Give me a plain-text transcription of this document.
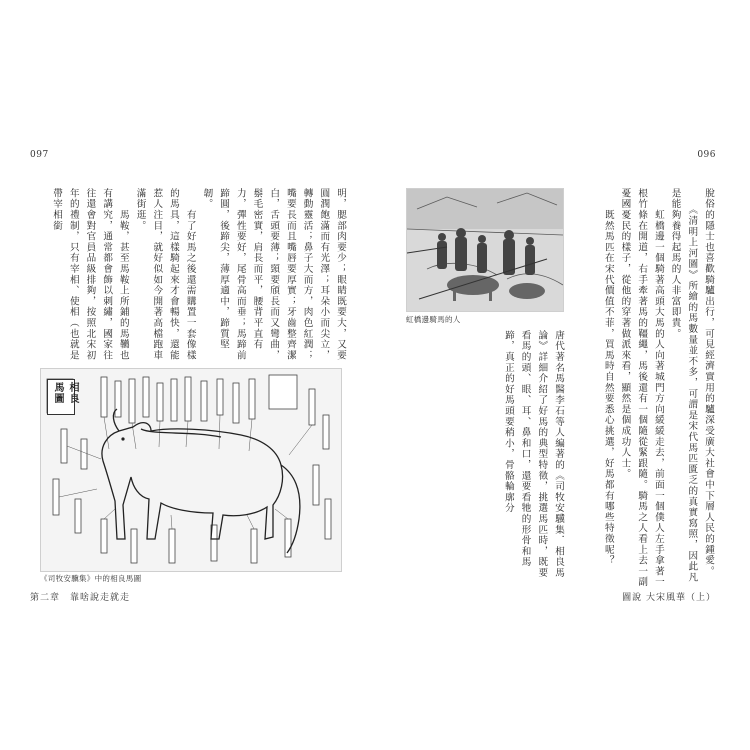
097
明，腮部肉要少；眼睛既要大，又要圓潤飽滿而有光澤；耳朵小而尖立，轉動靈活；鼻子大而方，肉色紅潤；嘴要長而且嘴唇要厚實；牙齒整齊潔白，舌頭要薄；頸要頎長而又彎曲，鬃毛密實，肩長而平，腰背平直有力，彈性要好，尾骨高而垂；馬蹄前蹄圓，後蹄尖，薄厚適中，蹄質堅韌。
　　有了好馬之後還需購置一套像樣的馬具，這樣騎起來才會暢快，還能惹人注目，就好似如今開著高檔跑車滿街逛。
　　馬鞍，甚至馬鞍上所鋪的馬韉也有講究，通常都會飾以刺繡，國家往往還會對官員品級排夠，按照北宋初年的禮制，只有宰相、使相（也就是帶宰相銜
相良馬圖
《司牧安驥集》中的相良馬圖
第二章　靠啥說走就走
096
虹橋邊騎馬的人	脫俗的隱士也喜歡騎驢出行，可見經濟實用的驢深受廣大社會中下層人民的鍾愛。
　　《清明上河圖》所繪的馬數量並不多，可謂是宋代馬匹匱乏的真實寫照，因此凡是能夠養得起馬的人非富即貴。
　　虹橋邊一個騎著高頭大馬的人向著城門方向緩緩走去，前面一個僕人左手拿著一根竹條在開道，右手牽著馬的韁繩，馬後還有一個隨從緊跟隨。騎馬之人看上去一副憂國憂民的樣子，從他的穿著做派來看，顯然是個成功人士。
　　既然馬匹在宋代價值不菲，買馬時自然要悉心挑選，好馬都有哪些特徵呢？
唐代著名馬醫李石等人編著的《司牧安驥集．相良馬論》詳細介紹了好馬的典型特徵，挑選馬匹時，既要看馬的頭、眼、耳、鼻和口，還要看牠的形骨和馬蹄，真正的好馬頭要稍小，骨骼輪廓分
圖說 大宋風華（上）
